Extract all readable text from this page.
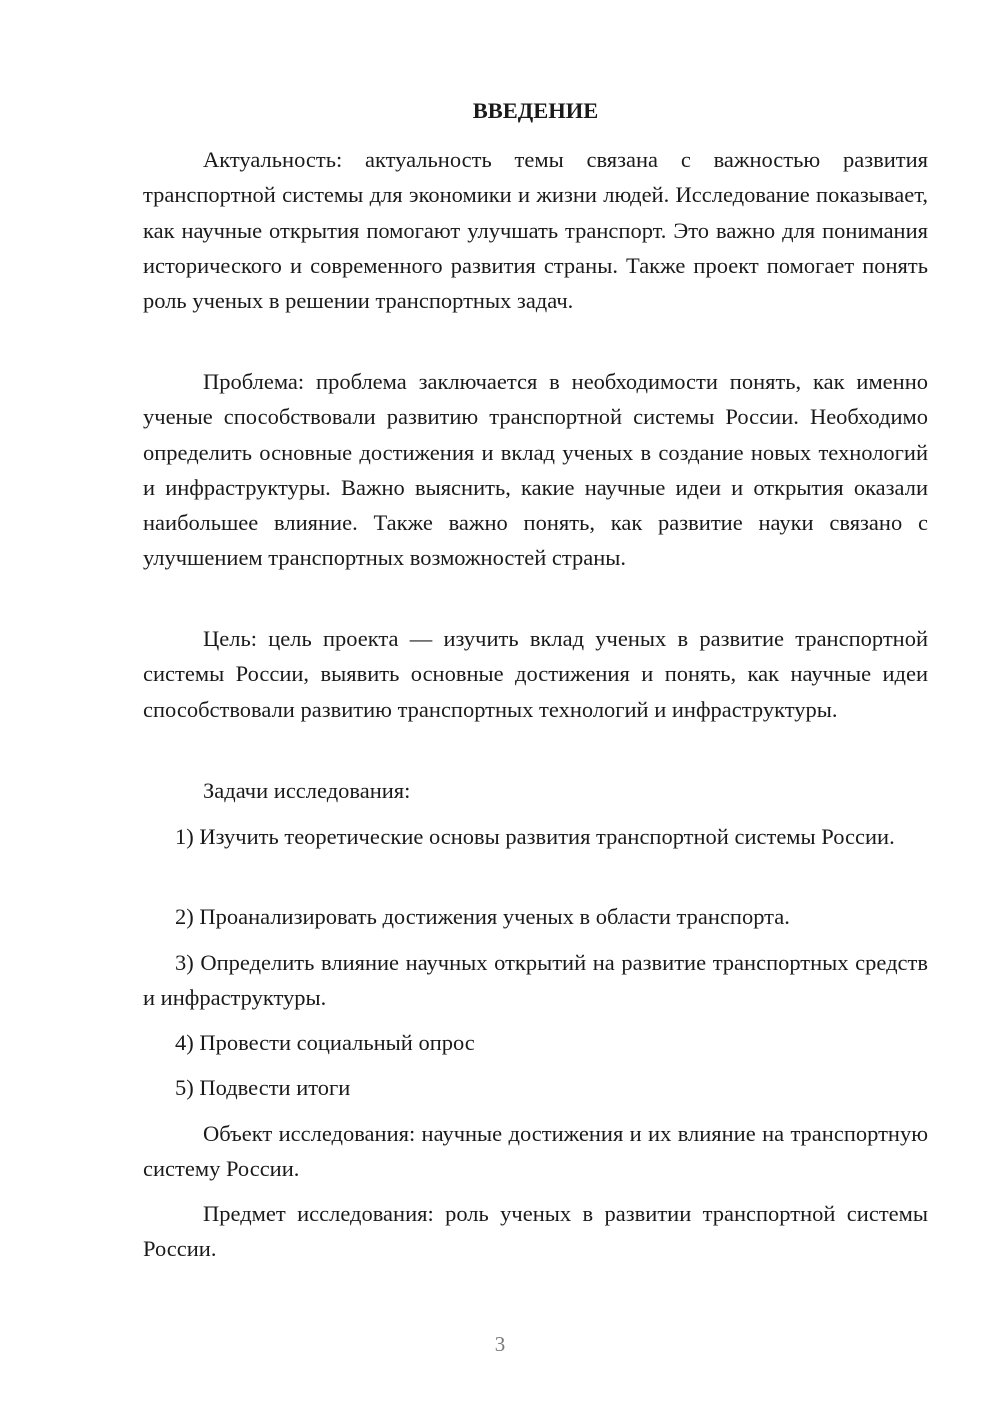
ВВЕДЕНИЕ

Актуальность: актуальность темы связана с важностью развития транспортной системы для экономики и жизни людей. Исследование показывает, как научные открытия помогают улучшать транспорт. Это важно для понимания исторического и современного развития страны. Также проект помогает понять роль ученых в решении транспортных задач.

Проблема: проблема заключается в необходимости понять, как именно ученые способствовали развитию транспортной системы России. Необходимо определить основные достижения и вклад ученых в создание новых технологий и инфраструктуры. Важно выяснить, какие научные идеи и открытия оказали наибольшее влияние. Также важно понять, как развитие науки связано с улучшением транспортных возможностей страны.

Цель: цель проекта — изучить вклад ученых в развитие транспортной системы России, выявить основные достижения и понять, как научные идеи способствовали развитию транспортных технологий и инфраструктуры.

Задачи исследования:

1) Изучить теоретические основы развития транспортной системы России.

2) Проанализировать достижения ученых в области транспорта.

3) Определить влияние научных открытий на развитие транспортных средств и инфраструктуры.

4) Провести социальный опрос

5) Подвести итоги

Объект исследования: научные достижения и их влияние на транспортную систему России.

Предмет исследования: роль ученых в развитии транспортной системы России.

3
